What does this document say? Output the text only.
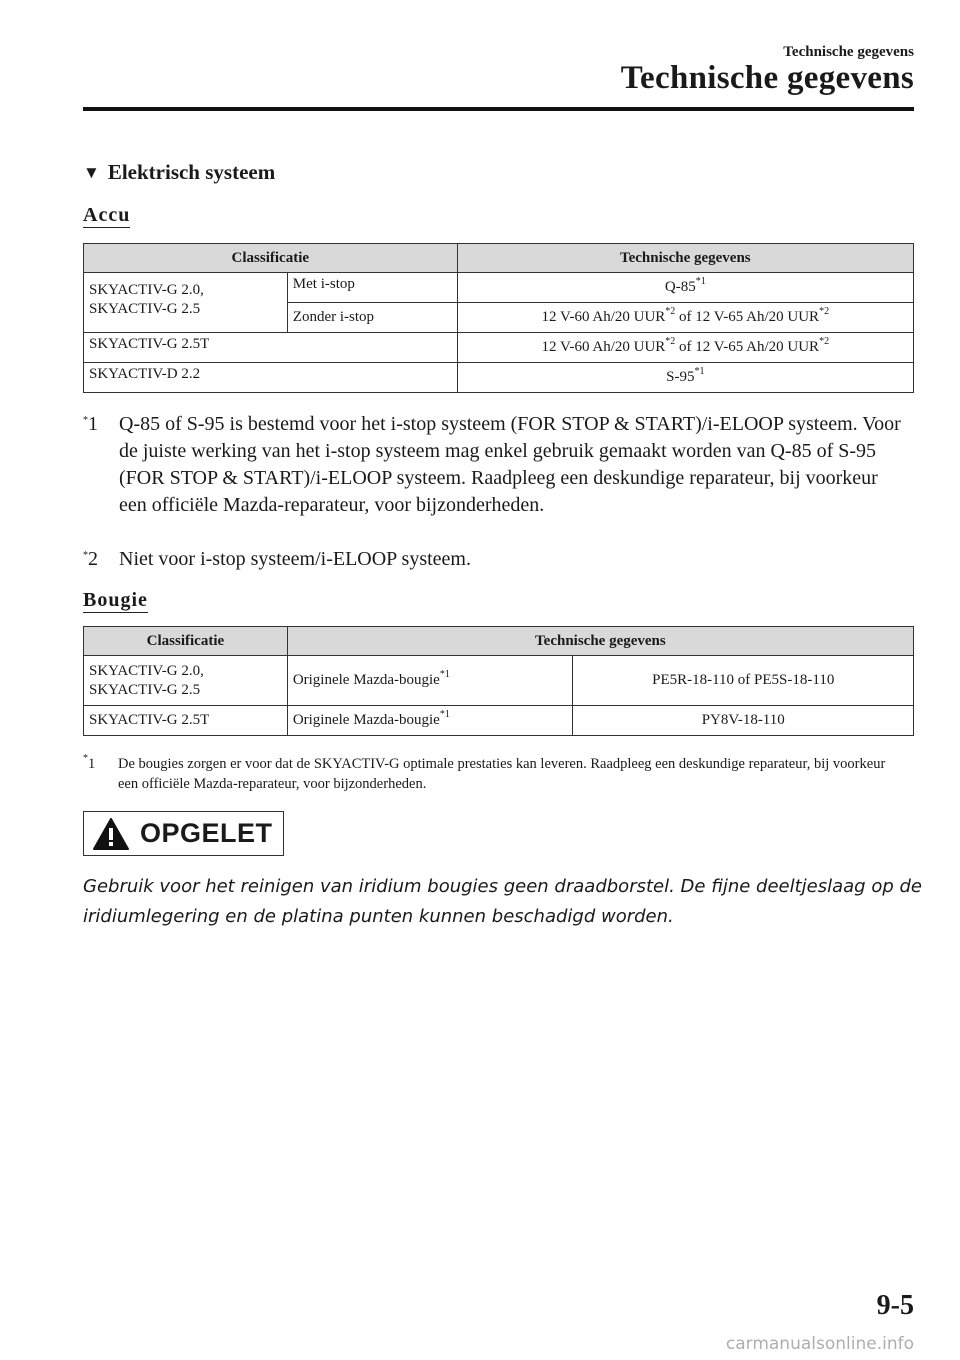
Technische gegevens
Technische gegevens
▼ Elektrisch systeem
Accu
Classificatie		Technische gegevens
SKYACTIV-G 2.0, SKYACTIV-G 2.5	Met i-stop	Q-85$^{*1}$
	Zonder i-stop	12 V-60 Ah/20 UUR$^{*2}$ of 12 V-65 Ah/20 UUR$^{*2}$
SKYACTIV-G 2.5T		12 V-60 Ah/20 UUR$^{*2}$ of 12 V-65 Ah/20 UUR$^{*2}$
SKYACTIV-D 2.2		S-95$^{*1}$
*1 Q-85 of S-95 is bestemd voor het i-stop systeem (FOR STOP & START)/i-ELOOP systeem. Voor de juiste werking van het i-stop systeem mag enkel gebruik gemaakt worden van Q-85 of S-95 (FOR STOP & START)/i-ELOOP systeem. Raadpleeg een deskundige reparateur, bij voorkeur een officiële Mazda-reparateur, voor bijzonderheden.
*2 Niet voor i-stop systeem/i-ELOOP systeem.
Bougie
Classificatie	Technische gegevens	
SKYACTIV-G 2.0, SKYACTIV-G 2.5	Originele Mazda-bougie$^{*1}$	PE5R-18-110 of PE5S-18-110
SKYACTIV-G 2.5T	Originele Mazda-bougie$^{*1}$	PY8V-18-110
*1 De bougies zorgen er voor dat de SKYACTIV-G optimale prestaties kan leveren. Raadpleeg een deskundige reparateur, bij voorkeur een officiële Mazda-reparateur, voor bijzonderheden.
OPGELET
Gebruik voor het reinigen van iridium bougies geen draadborstel. De fijne deeltjeslaag op de iridiumlegering en de platina punten kunnen beschadigd worden.
9-5
carmanualsonline.info
